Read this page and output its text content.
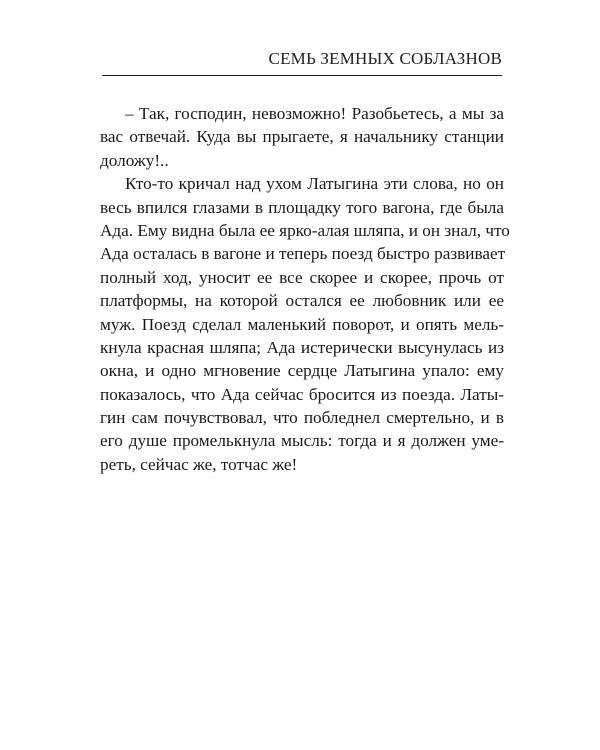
СЕМЬ ЗЕМНЫХ СОБЛАЗНОВ
– Так, господин, невозможно! Разобьетесь, а мы за
вас отвечай. Куда вы прыгаете, я начальнику станции
доложу!..
Кто-то кричал над ухом Латыгина эти слова, но он
весь впился глазами в площадку того вагона, где была
Ада. Ему видна была ее ярко-алая шляпа, и он знал, что
Ада осталась в вагоне и теперь поезд быстро развивает
полный ход, уносит ее все скорее и скорее, прочь от
платформы, на которой остался ее любовник или ее
муж. Поезд сделал маленький поворот, и опять мель-
кнула красная шляпа; Ада истерически высунулась из
окна, и одно мгновение сердце Латыгина упало: ему
показалось, что Ада сейчас бросится из поезда. Латы-
гин сам почувствовал, что побледнел смертельно, и в
его душе промелькнула мысль: тогда и я должен уме-
реть, сейчас же, тотчас же!
